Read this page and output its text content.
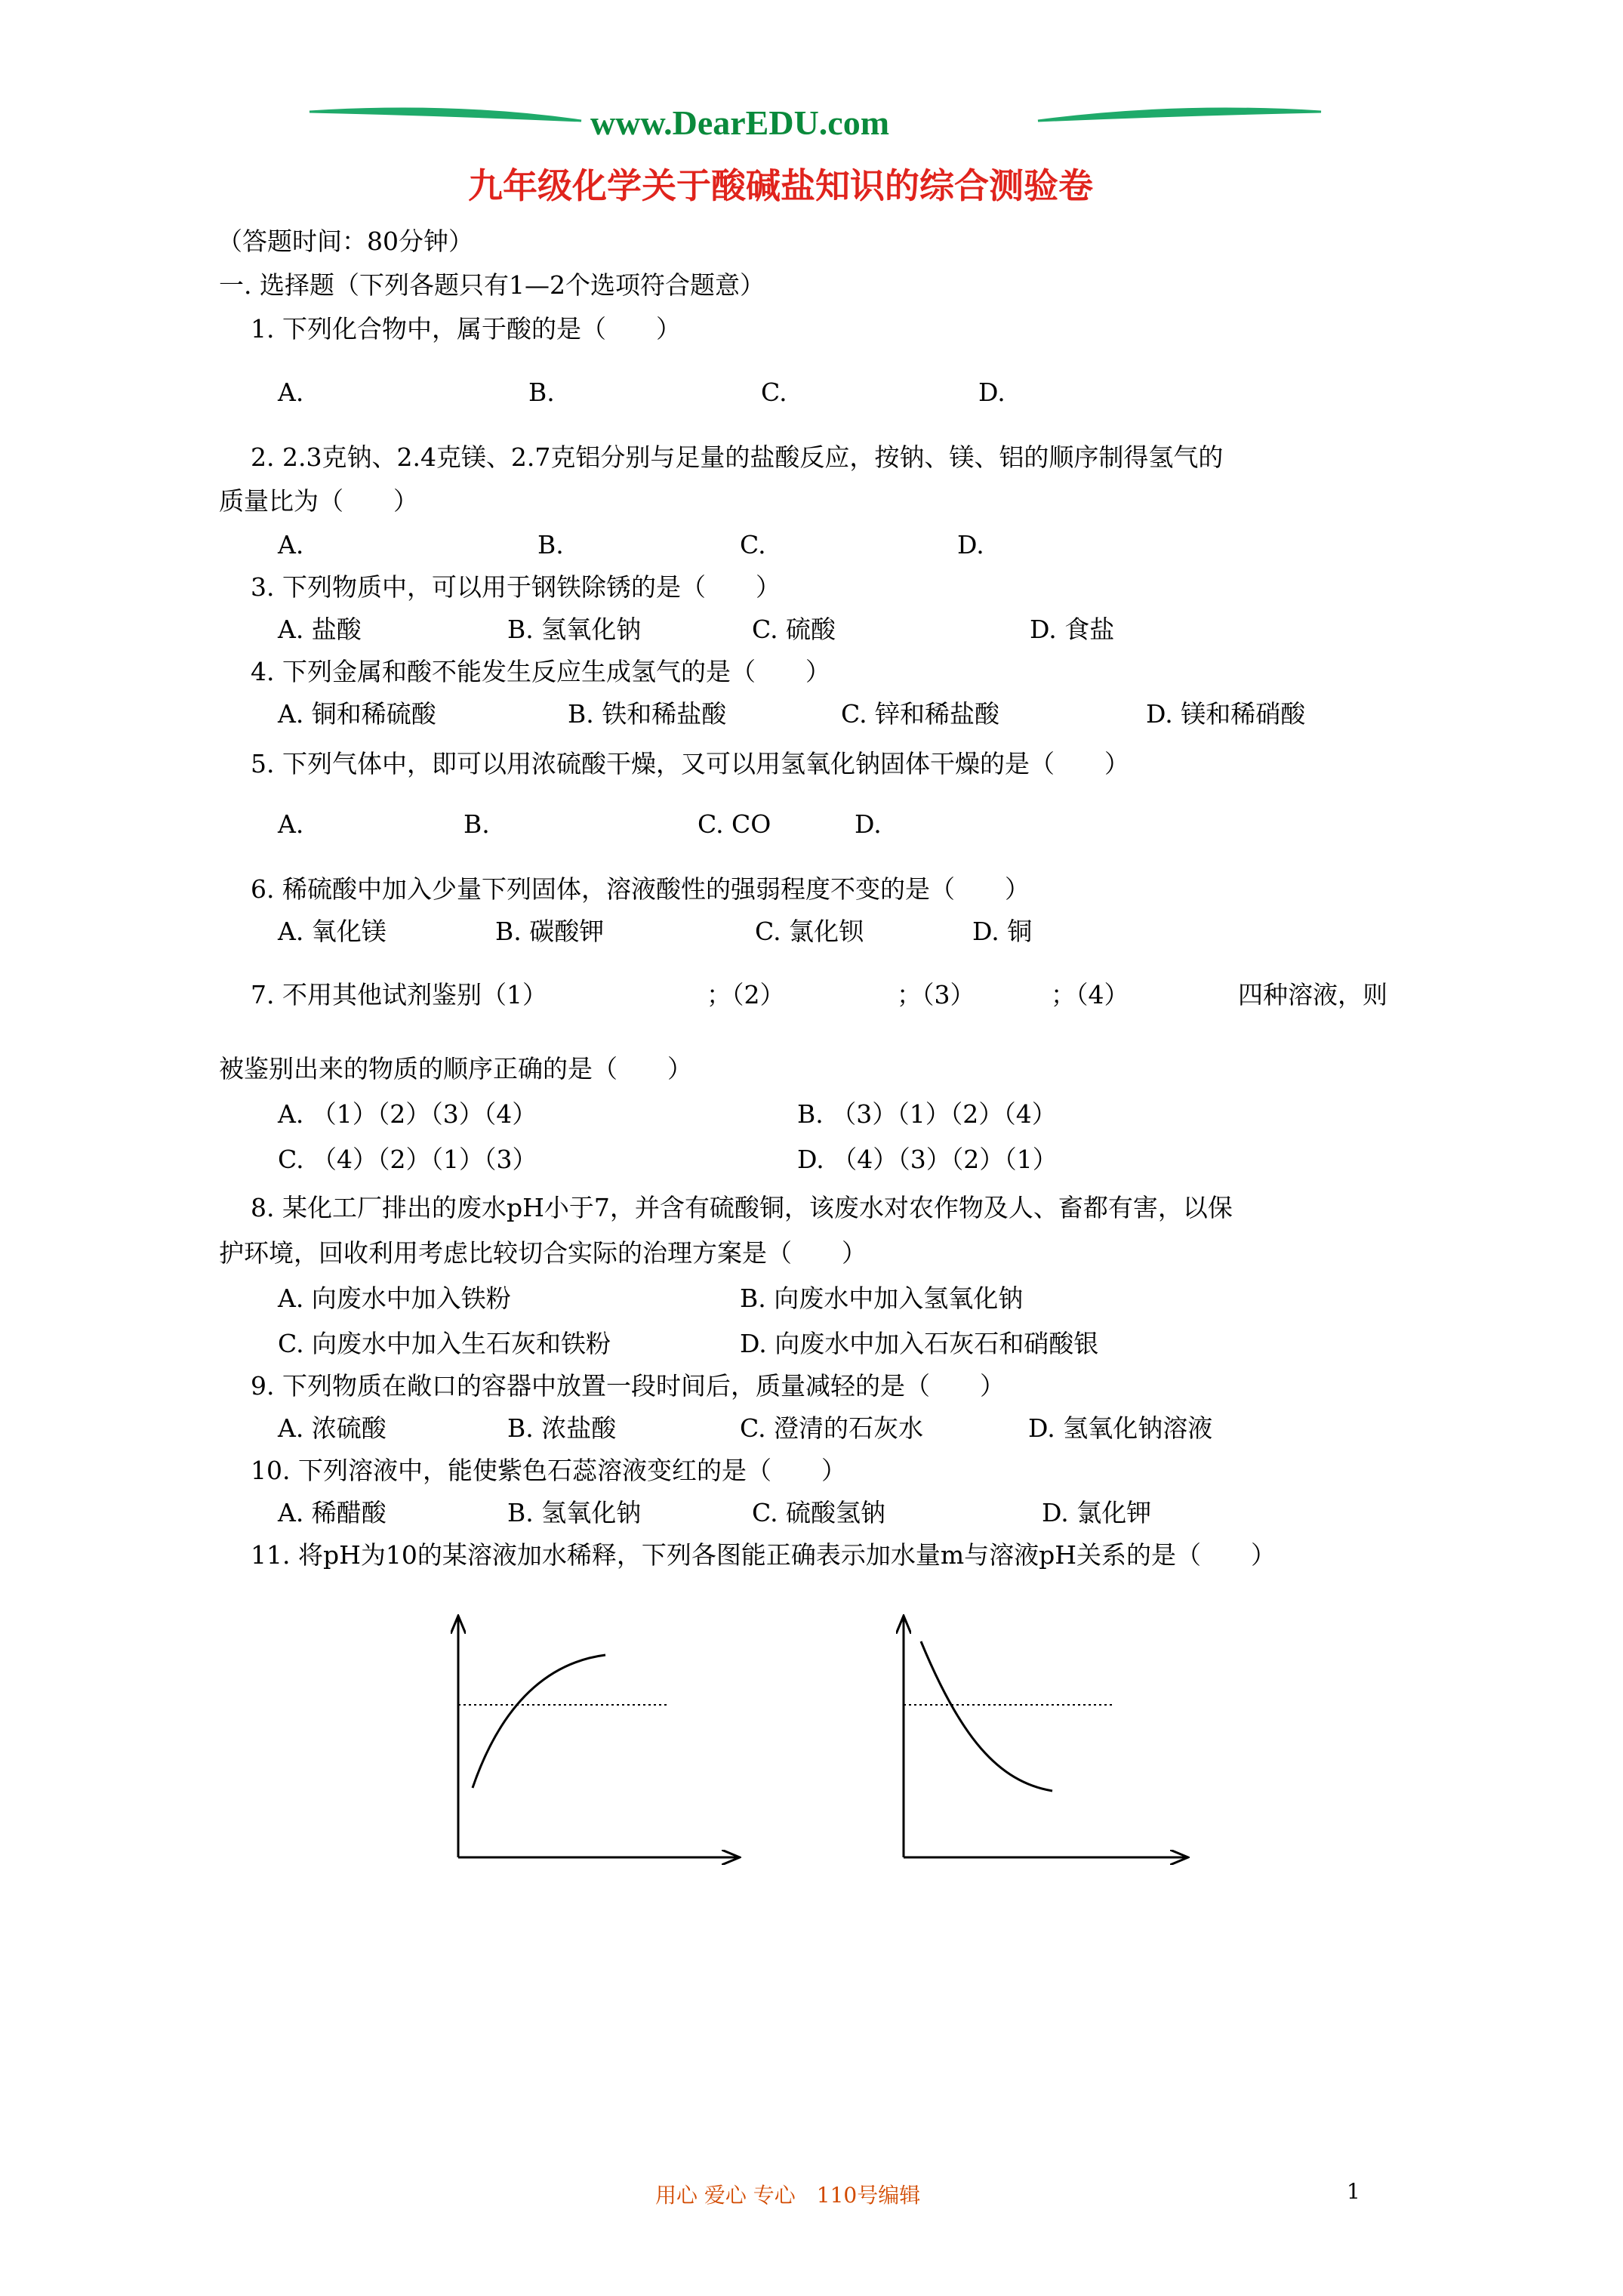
www.DearEDU.com
九年级化学关于酸碱盐知识的综合测验卷
（答题时间：80分钟）
一. 选择题（下列各题只有1—2个选项符合题意）
1. 下列化合物中，属于酸的是（　　）
A.	B.	C.	D.
2. 2.3克钠、2.4克镁、2.7克铝分别与足量的盐酸反应，按钠、镁、铝的顺序制得氢气的
质量比为（　　）
A.	B.	C.	D.
3. 下列物质中，可以用于钢铁除锈的是（　　）
A. 盐酸	B. 氢氧化钠	C. 硫酸	D. 食盐
4. 下列金属和酸不能发生反应生成氢气的是（　　）
A. 铜和稀硫酸	B. 铁和稀盐酸	C. 锌和稀盐酸	D. 镁和稀硝酸
5. 下列气体中，即可以用浓硫酸干燥，又可以用氢氧化钠固体干燥的是（　　）
A.	B.	C. CO	D.
6. 稀硫酸中加入少量下列固体，溶液酸性的强弱程度不变的是（　　）
A. 氧化镁	B. 碳酸钾	C. 氯化钡	D. 铜
7. 不用其他试剂鉴别（1）	；（2）	；（3）	；（4）	四种溶液，则
被鉴别出来的物质的顺序正确的是（　　）
A. （1）（2）（3）（4）	B. （3）（1）（2）（4）
C. （4）（2）（1）（3）	D. （4）（3）（2）（1）
8. 某化工厂排出的废水pH小于7，并含有硫酸铜，该废水对农作物及人、畜都有害，以保
护环境，回收利用考虑比较切合实际的治理方案是（　　）
A. 向废水中加入铁粉	B. 向废水中加入氢氧化钠
C. 向废水中加入生石灰和铁粉	D. 向废水中加入石灰石和硝酸银
9. 下列物质在敞口的容器中放置一段时间后，质量减轻的是（　　）
A. 浓硫酸	B. 浓盐酸	C. 澄清的石灰水	D. 氢氧化钠溶液
10. 下列溶液中，能使紫色石蕊溶液变红的是（　　）
A. 稀醋酸	B. 氢氧化钠	C. 硫酸氢钠	D. 氯化钾
11. 将pH为10的某溶液加水稀释，下列各图能正确表示加水量m与溶液pH关系的是（　　）
用心 爱心 专心　110号编辑	1
